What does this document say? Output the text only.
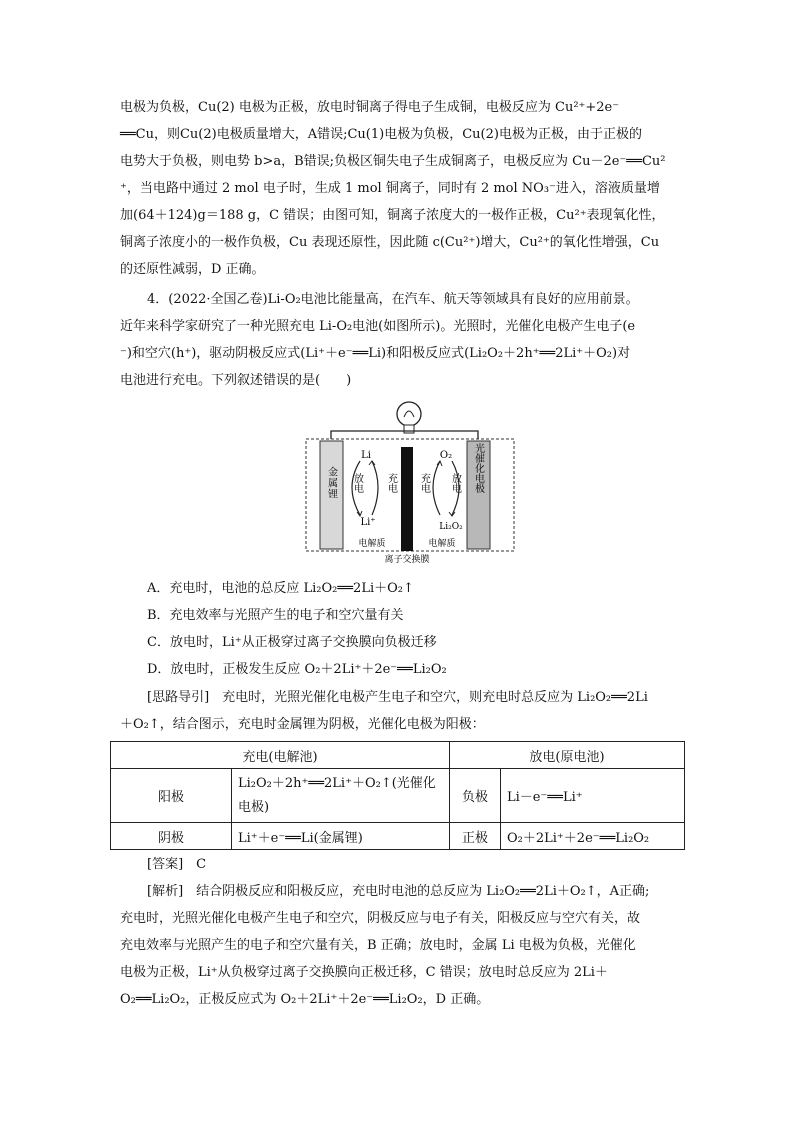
电极为负极，Cu(2) 电极为正极，放电时铜离子得电子生成铜，电极反应为 Cu²⁺+2e⁻
══Cu，则Cu(2)电极质量增大，A错误;Cu(1)电极为负极，Cu(2)电极为正极，由于正极的
电势大于负极，则电势 b>a，B错误;负极区铜失电子生成铜离子，电极反应为 Cu－2e⁻══Cu²
⁺，当电路中通过 2 mol 电子时，生成 1 mol 铜离子，同时有 2 mol NO₃⁻进入，溶液质量增
加(64＋124)g＝188 g，C 错误；由图可知，铜离子浓度大的一极作正极，Cu²⁺表现氧化性，
铜离子浓度小的一极作负极，Cu 表现还原性，因此随 c(Cu²⁺)增大，Cu²⁺的氧化性增强，Cu
的还原性减弱，D 正确。
4．(2022·全国乙卷)Li-O₂电池比能量高，在汽车、航天等领域具有良好的应用前景。
近年来科学家研究了一种光照充电 Li-O₂电池(如图所示)。光照时，光催化电极产生电子(e
⁻)和空穴(h⁺)，驱动阴极反应式(Li⁺＋e⁻══Li)和阳极反应式(Li₂O₂＋2h⁺══2Li⁺＋O₂)对
电池进行充电。下列叙述错误的是(　　)
金属锂	光催化电极
放电 充电 充电 放电
Li
Li⁺
O₂
Li₂O₂
电解质	电解质
离子交换膜
A．充电时，电池的总反应 Li₂O₂══2Li＋O₂↑
B．充电效率与光照产生的电子和空穴量有关
C．放电时，Li⁺从正极穿过离子交换膜向负极迁移
D．放电时，正极发生反应 O₂＋2Li⁺＋2e⁻══Li₂O₂
[思路导引]　充电时，光照光催化电极产生电子和空穴，则充电时总反应为 Li₂O₂══2Li
＋O₂↑，结合图示，充电时金属锂为阴极，光催化电极为阳极：
充电(电解池)		放电(原电池)	
阳极	Li₂O₂＋2h⁺══2Li⁺＋O₂↑(光催化
电极)	负极	Li－e⁻══Li⁺
阴极	Li⁺＋e⁻══Li(金属锂)	正极	O₂＋2Li⁺＋2e⁻══Li₂O₂
[答案]　C
[解析]　结合阴极反应和阳极反应，充电时电池的总反应为 Li₂O₂══2Li＋O₂↑，A正确;
充电时，光照光催化电极产生电子和空穴，阴极反应与电子有关，阳极反应与空穴有关，故
充电效率与光照产生的电子和空穴量有关，B 正确；放电时，金属 Li 电极为负极，光催化
电极为正极，Li⁺从负极穿过离子交换膜向正极迁移，C 错误；放电时总反应为 2Li＋
O₂══Li₂O₂，正极反应式为 O₂＋2Li⁺＋2e⁻══Li₂O₂，D 正确。
